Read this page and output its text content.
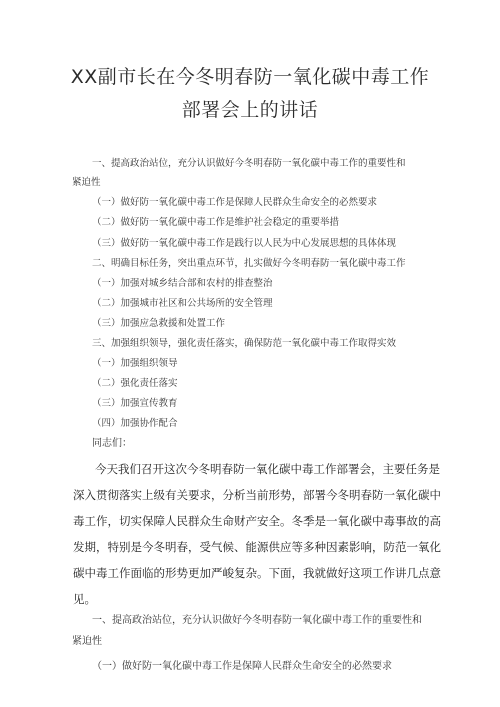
XX副市长在今冬明春防一氧化碳中毒工作
部署会上的讲话
一、提高政治站位，充分认识做好今冬明春防一氧化碳中毒工作的重要性和
紧迫性
（一）做好防一氧化碳中毒工作是保障人民群众生命安全的必然要求
（二）做好防一氧化碳中毒工作是维护社会稳定的重要举措
（三）做好防一氧化碳中毒工作是践行以人民为中心发展思想的具体体现
二、明确目标任务，突出重点环节，扎实做好今冬明春防一氧化碳中毒工作
（一）加强对城乡结合部和农村的排查整治
（二）加强城市社区和公共场所的安全管理
（三）加强应急救援和处置工作
三、加强组织领导，强化责任落实，确保防范一氧化碳中毒工作取得实效
（一）加强组织领导
（二）强化责任落实
（三）加强宣传教育
（四）加强协作配合
同志们：
今天我们召开这次今冬明春防一氧化碳中毒工作部署会，主要任务是
深入贯彻落实上级有关要求，分析当前形势，部署今冬明春防一氧化碳中
毒工作，切实保障人民群众生命财产安全。冬季是一氧化碳中毒事故的高
发期，特别是今冬明春，受气候、能源供应等多种因素影响，防范一氧化
碳中毒工作面临的形势更加严峻复杂。下面，我就做好这项工作讲几点意
见。
一、提高政治站位，充分认识做好今冬明春防一氧化碳中毒工作的重要性和
紧迫性
（一）做好防一氧化碳中毒工作是保障人民群众生命安全的必然要求
